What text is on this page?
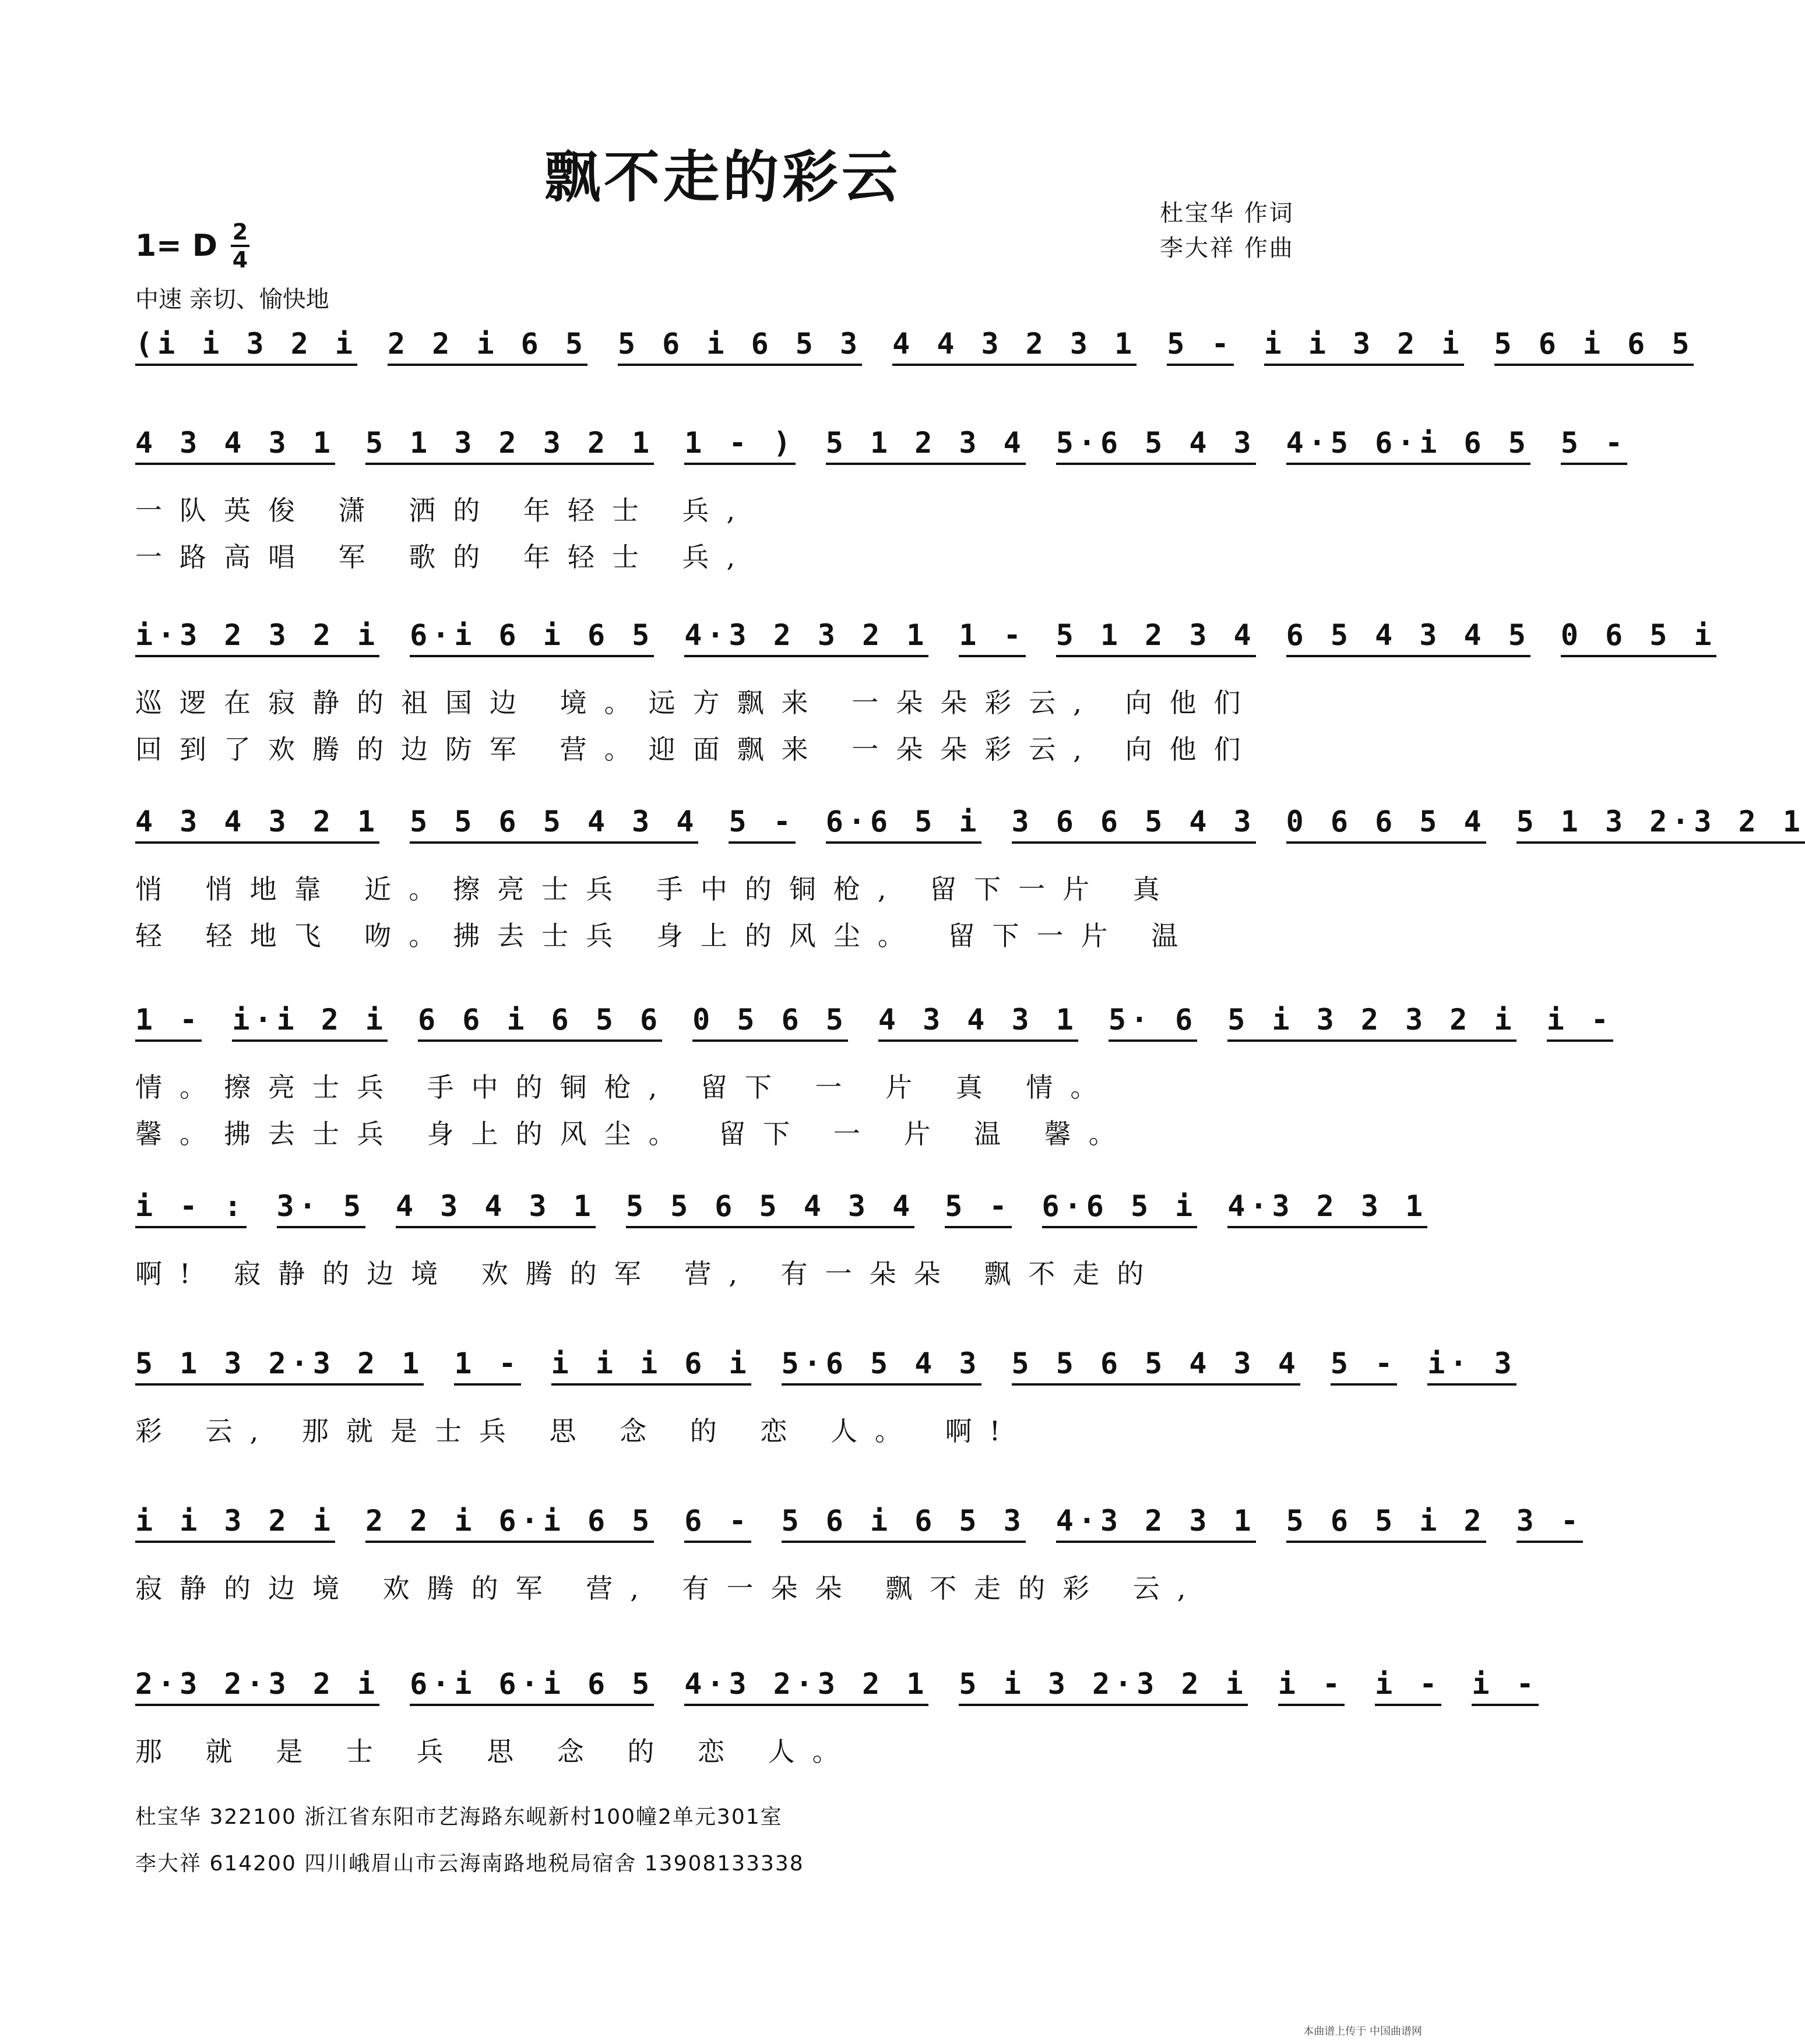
飘不走的彩云
杜宝华 作词
李大祥 作曲
1= D 2
4
中速 亲切、愉快地
(i i 3 2 i 2 2 i 6 5 5 6 i 6 5 3 4 4 3 2 3 1 5 - i i 3 2 i 5 6 i 6 5
4 3 4 3 1 5 1 3 2 3 2 1 1 - ) 5 1 2 3 4 5·6 5 4 3 4·5 6·i 6 5 5 -
一队英俊 潇 洒的 年轻士 兵,
一路高唱 军 歌的 年轻士 兵,
i·3 2 3 2 i 6·i 6 i 6 5 4·3 2 3 2 1 1 - 5 1 2 3 4 6 5 4 3 4 5 0 6 5 i
巡逻在寂静的祖国边 境。远方飘来 一朵朵彩云, 向他们
回到了欢腾的边防军 营。迎面飘来 一朵朵彩云, 向他们
4 3 4 3 2 1 5 5 6 5 4 3 4 5 - 6·6 5 i 3 6 6 5 4 3 0 6 6 5 4 5 1 3 2·3 2 1
悄 悄地靠 近。擦亮士兵 手中的铜枪, 留下一片 真
轻 轻地飞 吻。拂去士兵 身上的风尘。 留下一片 温
1 - i·i 2 i 6 6 i 6 5 6 0 5 6 5 4 3 4 3 1 5· 6 5 i 3 2 3 2 i i -
情。擦亮士兵 手中的铜枪, 留下 一 片 真 情。
馨。拂去士兵 身上的风尘。 留下 一 片 温 馨。
i - : 3· 5 4 3 4 3 1 5 5 6 5 4 3 4 5 - 6·6 5 i 4·3 2 3 1
啊! 寂静的边境 欢腾的军 营, 有一朵朵 飘不走的
5 1 3 2·3 2 1 1 - i i i 6 i 5·6 5 4 3 5 5 6 5 4 3 4 5 - i· 3
彩 云, 那就是士兵 思 念 的 恋 人。 啊!
i i 3 2 i 2 2 i 6·i 6 5 6 - 5 6 i 6 5 3 4·3 2 3 1 5 6 5 i 2 3 -
寂静的边境 欢腾的军 营, 有一朵朵 飘不走的彩 云,
2·3 2·3 2 i 6·i 6·i 6 5 4·3 2·3 2 1 5 i 3 2·3 2 i i - i - i -
那 就 是 士 兵 思 念 的 恋 人。
杜宝华 322100 浙江省东阳市艺海路东岘新村100幢2单元301室
李大祥 614200 四川峨眉山市云海南路地税局宿舍 13908133338
本曲谱上传于 中国曲谱网
